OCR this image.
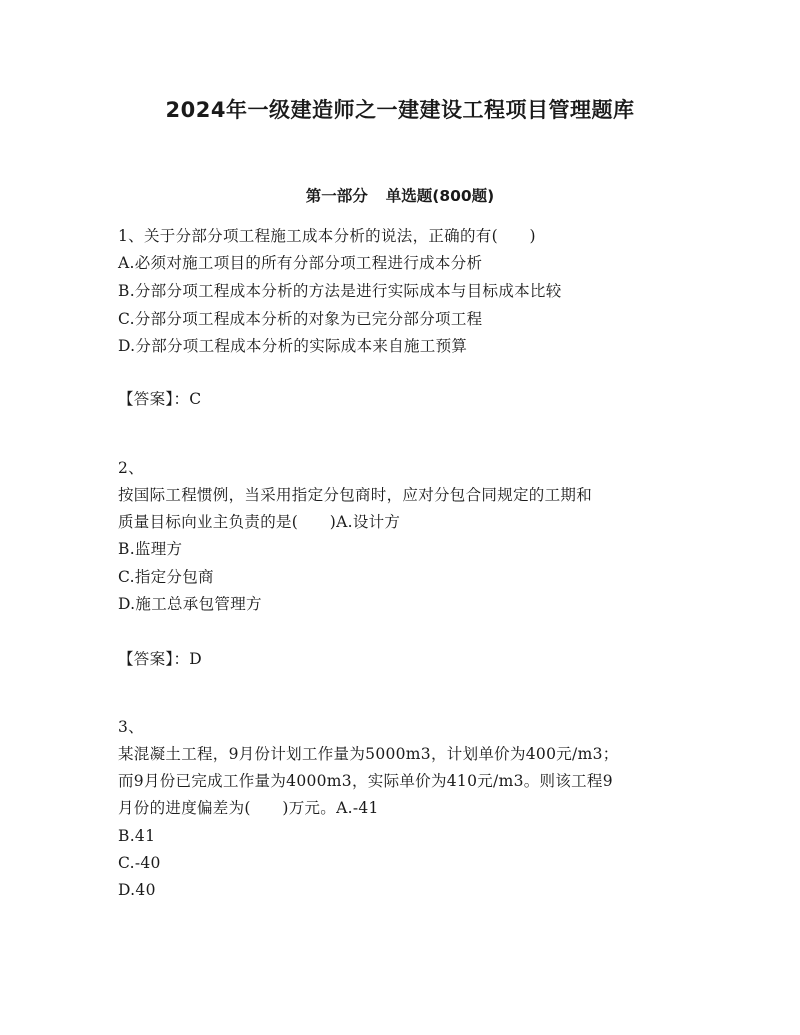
2024年一级建造师之一建建设工程项目管理题库
第一部分 单选题(800题)
1、关于分部分项工程施工成本分析的说法，正确的有(　　)
A.必须对施工项目的所有分部分项工程进行成本分析
B.分部分项工程成本分析的方法是进行实际成本与目标成本比较
C.分部分项工程成本分析的对象为已完分部分项工程
D.分部分项工程成本分析的实际成本来自施工预算
【答案】：C
2、
按国际工程惯例，当采用指定分包商时，应对分包合同规定的工期和
质量目标向业主负责的是(　　)A.设计方
B.监理方
C.指定分包商
D.施工总承包管理方
【答案】：D
3、
某混凝土工程，9月份计划工作量为5000m3，计划单价为400元/m3；
而9月份已完成工作量为4000m3，实际单价为410元/m3。则该工程9
月份的进度偏差为(　　)万元。A.-41
B.41
C.-40
D.40
